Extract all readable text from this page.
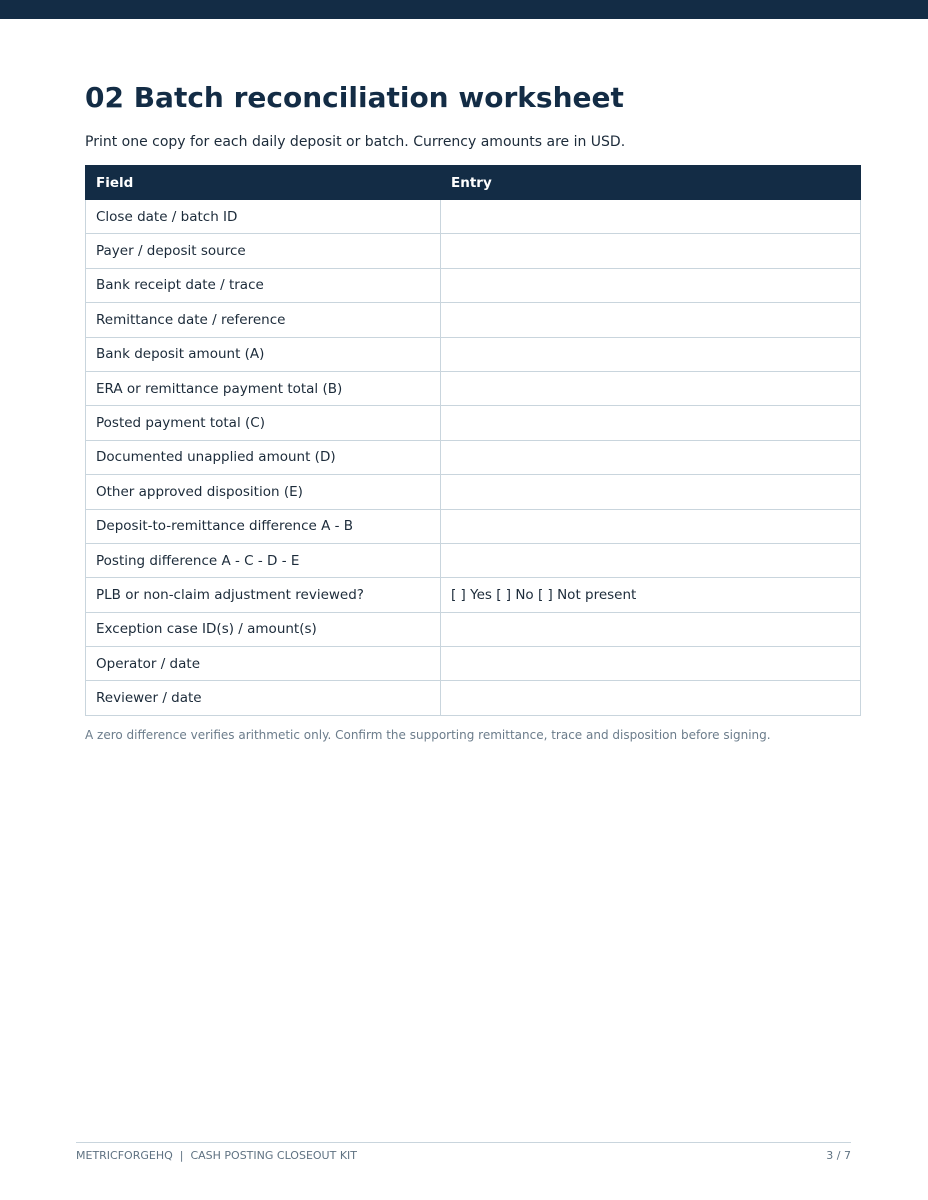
02 Batch reconciliation worksheet

Print one copy for each daily deposit or batch. Currency amounts are in USD.

Field	Entry
Close date / batch ID	
Payer / deposit source	
Bank receipt date / trace	
Remittance date / reference	
Bank deposit amount (A)	
ERA or remittance payment total (B)	
Posted payment total (C)	
Documented unapplied amount (D)	
Other approved disposition (E)	
Deposit-to-remittance difference A - B	
Posting difference A - C - D - E	
PLB or non-claim adjustment reviewed?	[ ] Yes [ ] No [ ] Not present
Exception case ID(s) / amount(s)	
Operator / date	
Reviewer / date	

A zero difference verifies arithmetic only. Confirm the supporting remittance, trace and disposition before signing.

METRICFORGEHQ  |  CASH POSTING CLOSEOUT KIT	3 / 7
